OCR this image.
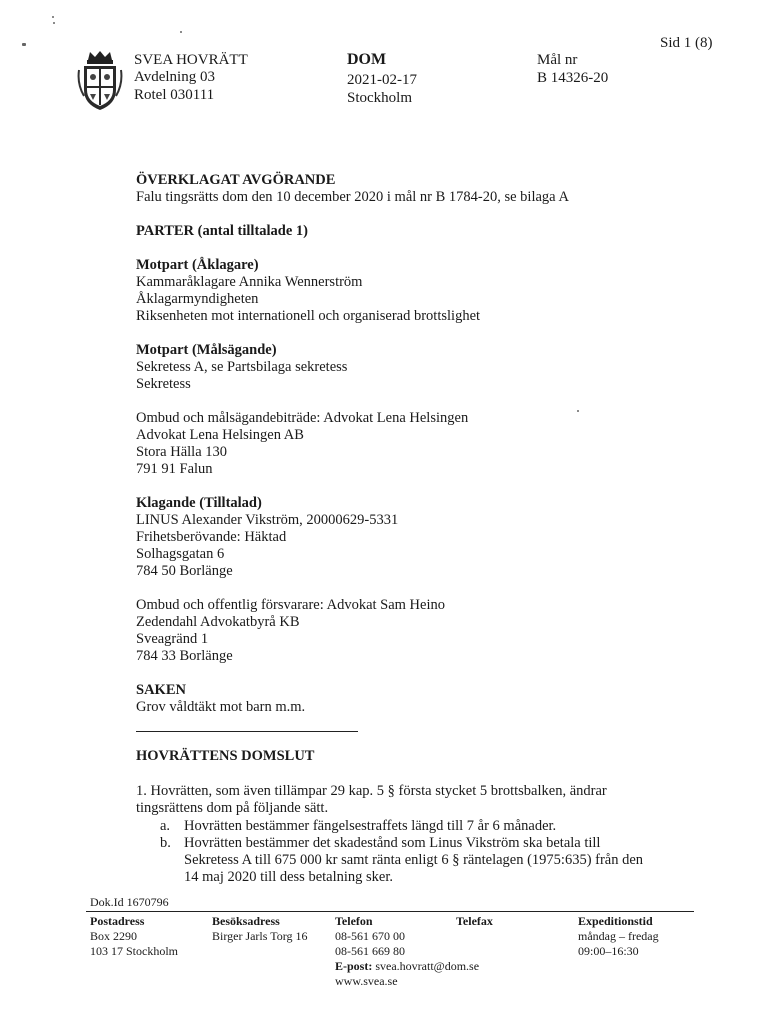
Sid 1 (8)
SVEA HOVRÄTT
Avdelning 03
Rotel 030111
DOM
2021-02-17
Stockholm
Mål nr
B 14326-20
ÖVERKLAGAT AVGÖRANDE
Falu tingsrätts dom den 10 december 2020 i mål nr B 1784-20, se bilaga A
PARTER (antal tilltalade 1)
Motpart (Åklagare)
Kammaråklagare Annika Wennerström
Åklagarmyndigheten
Riksenheten mot internationell och organiserad brottslighet
Motpart (Målsägande)
Sekretess A, se Partsbilaga sekretess
Sekretess
Ombud och målsägandebiträde: Advokat Lena Helsingen
Advokat Lena Helsingen AB
Stora Hälla 130
791 91 Falun
Klagande (Tilltalad)
LINUS Alexander Vikström, 20000629-5331
Frihetsberövande: Häktad
Solhagsgatan 6
784 50 Borlänge
Ombud och offentlig försvarare: Advokat Sam Heino
Zedendahl Advokatbyrå KB
Sveagränd 1
784 33 Borlänge
SAKEN
Grov våldtäkt mot barn m.m.
HOVRÄTTENS DOMSLUT
1. Hovrätten, som även tillämpar 29 kap. 5 § första stycket 5 brottsbalken, ändrar
tingsrättens dom på följande sätt.
a. Hovrätten bestämmer fängelsestraffets längd till 7 år 6 månader.
b. Hovrätten bestämmer det skadestånd som Linus Vikström ska betala till
Sekretess A till 675 000 kr samt ränta enligt 6 § räntelagen (1975:635) från den
14 maj 2020 till dess betalning sker.
Dok.Id 1670796
Postadress
Box 2290
103 17 Stockholm
Besöksadress
Birger Jarls Torg 16
Telefon
08-561 670 00
08-561 669 80
E-post: svea.hovratt@dom.se
www.svea.se
Telefax	Expeditionstid
måndag – fredag
09:00–16:30
